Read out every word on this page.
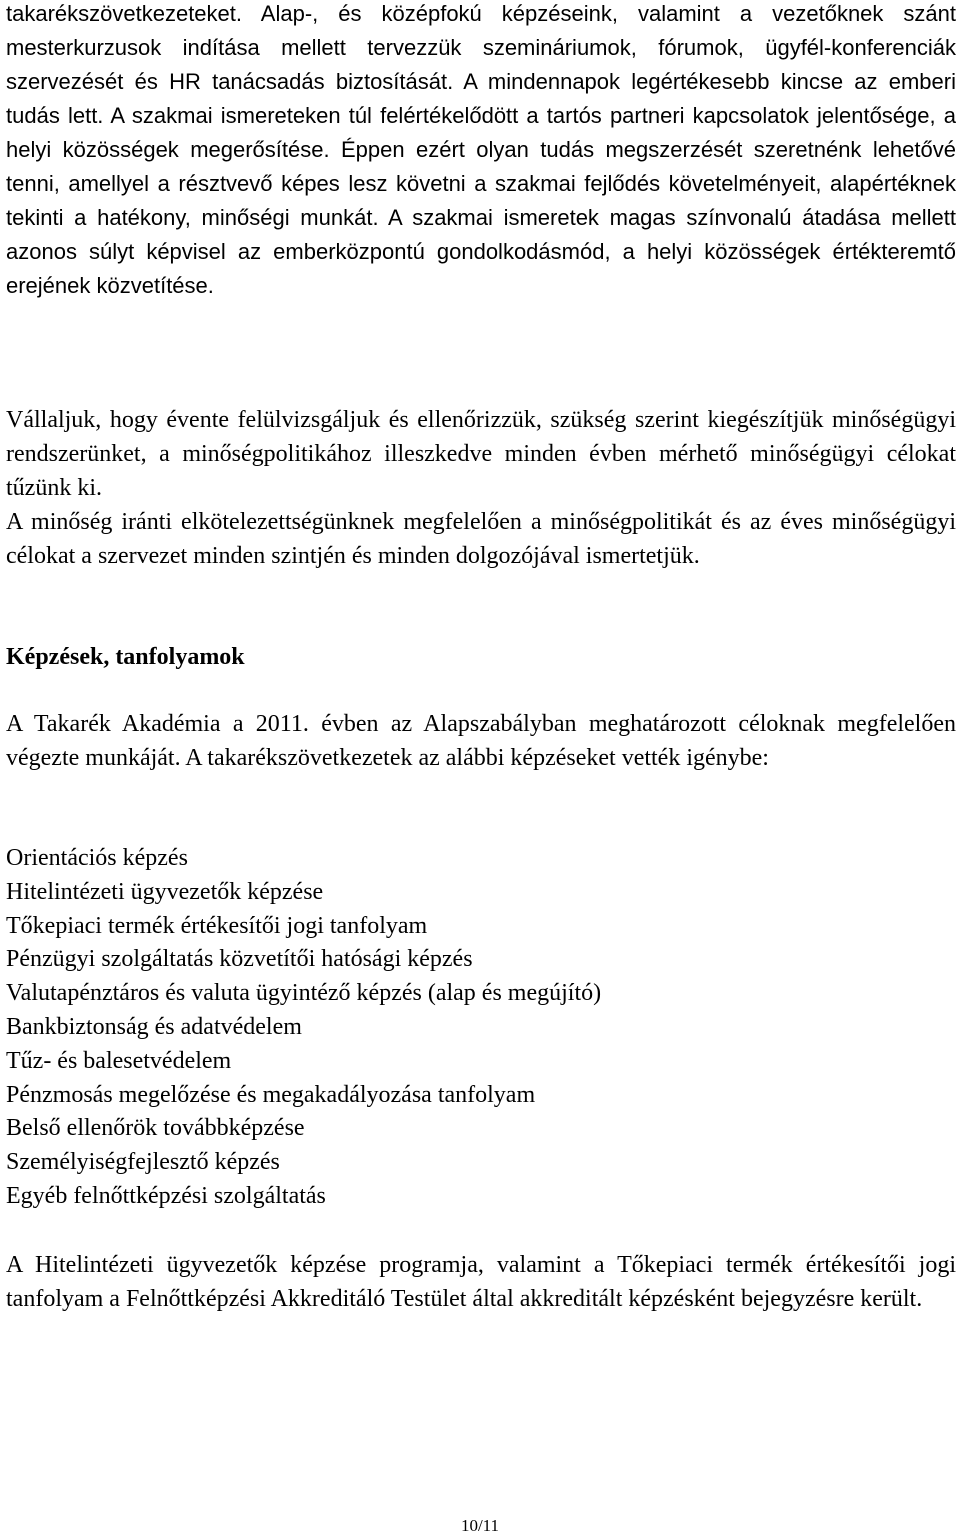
takarékszövetkezeteket. Alap-, és középfokú képzéseink, valamint a vezetőknek szánt mesterkurzusok indítása mellett tervezzük szemináriumok, fórumok, ügyfél-konferenciák szervezését és HR tanácsadás biztosítását. A mindennapok legértékesebb kincse az emberi tudás lett. A szakmai ismereteken túl felértékelődött a tartós partneri kapcsolatok jelentősége, a helyi közösségek megerősítése. Éppen ezért olyan tudás megszerzését szeretnénk lehetővé tenni, amellyel a résztvevő képes lesz követni a szakmai fejlődés követelményeit, alapértéknek tekinti a hatékony, minőségi munkát. A szakmai ismeretek magas színvonalú átadása mellett azonos súlyt képvisel az emberközpontú gondolkodásmód, a helyi közösségek értékteremtő erejének közvetítése.

Vállaljuk, hogy évente felülvizsgáljuk és ellenőrizzük, szükség szerint kiegészítjük minőségügyi rendszerünket, a minőségpolitikához illeszkedve minden évben mérhető minőségügyi célokat tűzünk ki.

A minőség iránti elkötelezettségünknek megfelelően a minőségpolitikát és az éves minőségügyi célokat a szervezet minden szintjén és minden dolgozójával ismertetjük.

Képzések, tanfolyamok

A Takarék Akadémia a 2011. évben az Alapszabályban meghatározott céloknak megfelelően végezte munkáját. A takarékszövetkezetek az alábbi képzéseket vették igénybe:

Orientációs képzés
Hitelintézeti ügyvezetők képzése
Tőkepiaci termék értékesítői jogi tanfolyam
Pénzügyi szolgáltatás közvetítői hatósági képzés
Valutapénztáros és valuta ügyintéző képzés (alap és megújító)
Bankbiztonság és adatvédelem
Tűz- és balesetvédelem
Pénzmosás megelőzése és megakadályozása tanfolyam
Belső ellenőrök továbbképzése
Személyiségfejlesztő képzés
Egyéb felnőttképzési szolgáltatás

A Hitelintézeti ügyvezetők képzése programja, valamint a Tőkepiaci termék értékesítői jogi tanfolyam a Felnőttképzési Akkreditáló Testület által akkreditált képzésként bejegyzésre került.

10/11
